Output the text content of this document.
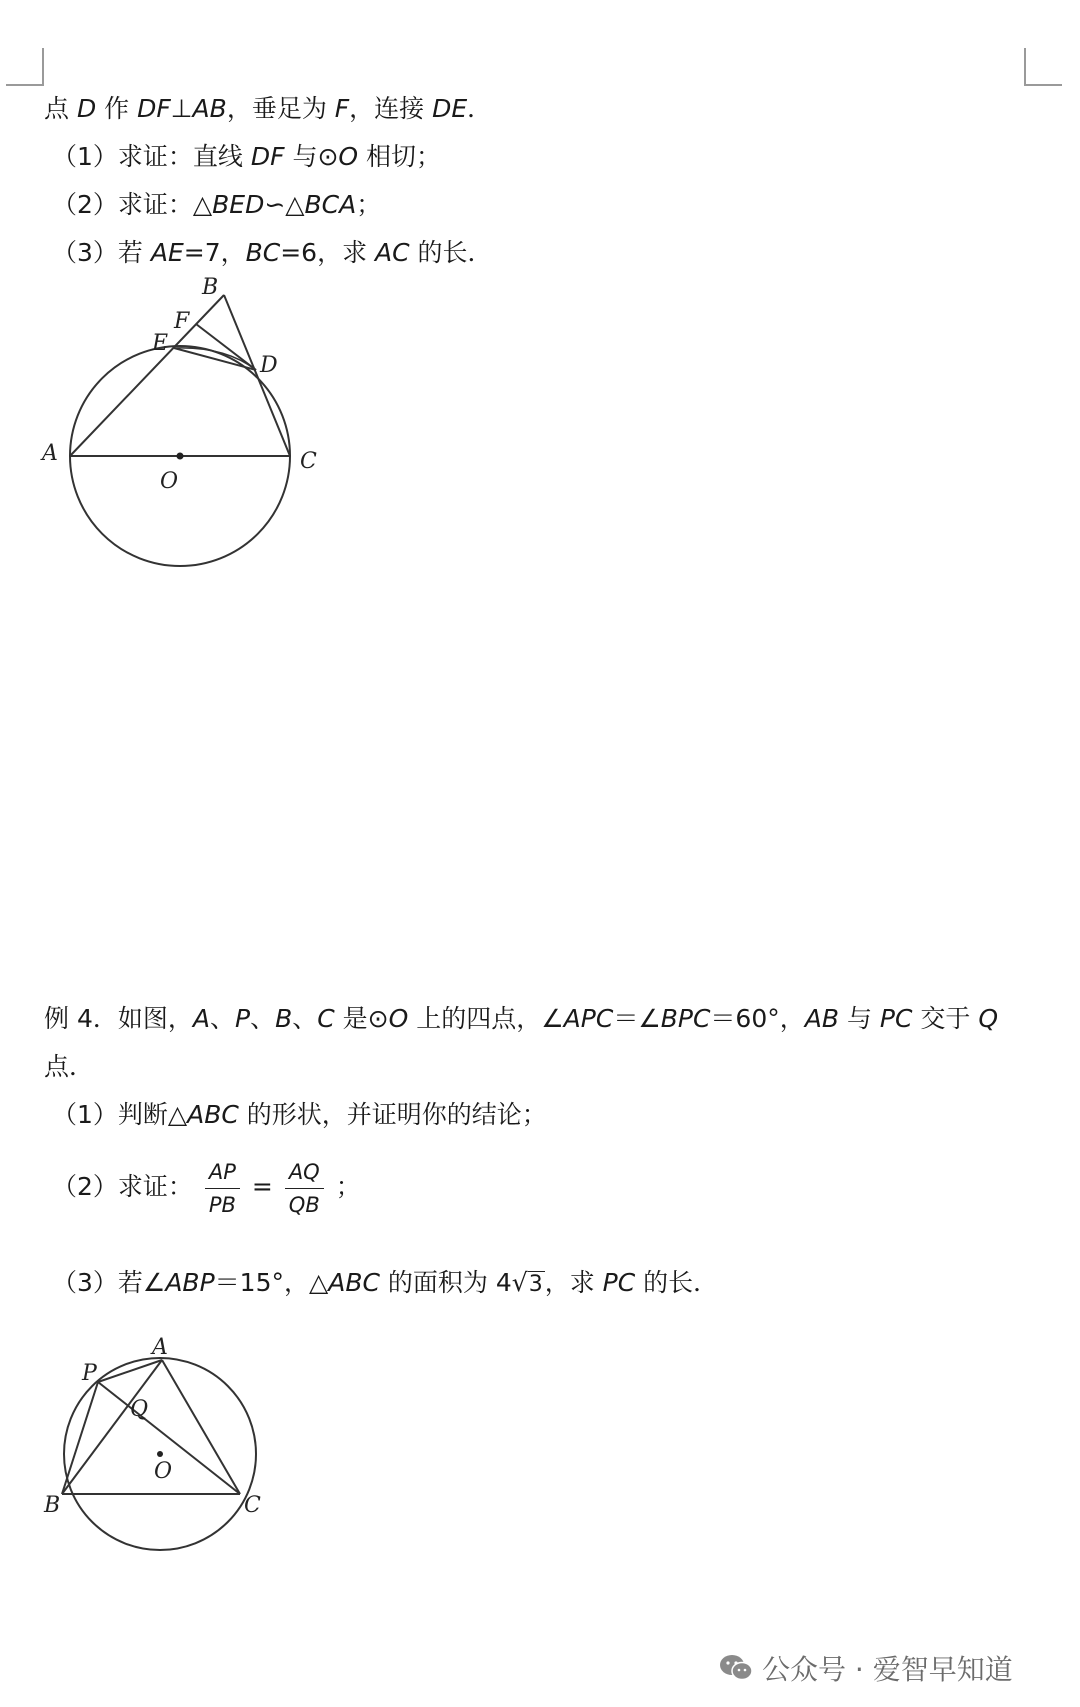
点 D 作 DF⊥AB，垂足为 F，连接 DE．
（1）求证：直线 DF 与⊙O 相切；
（2）求证：△BED∽△BCA；
（3）若 AE=7，BC=6，求 AC 的长．
A
B
C
D
E
F
O
例 4．如图，A、P、B、C 是⊙O 上的四点，∠APC＝∠BPC＝60°，AB 与 PC 交于 Q
点．
（1）判断△ABC 的形状，并证明你的结论；
（2）求证： $\frac{AP}{PB} = \frac{AQ}{QB}$ ；
（3）若∠ABP＝15°，△ABC 的面积为 4√3，求 PC 的长．
P
A
Q
O
B	C
公众号 · 爱智早知道
